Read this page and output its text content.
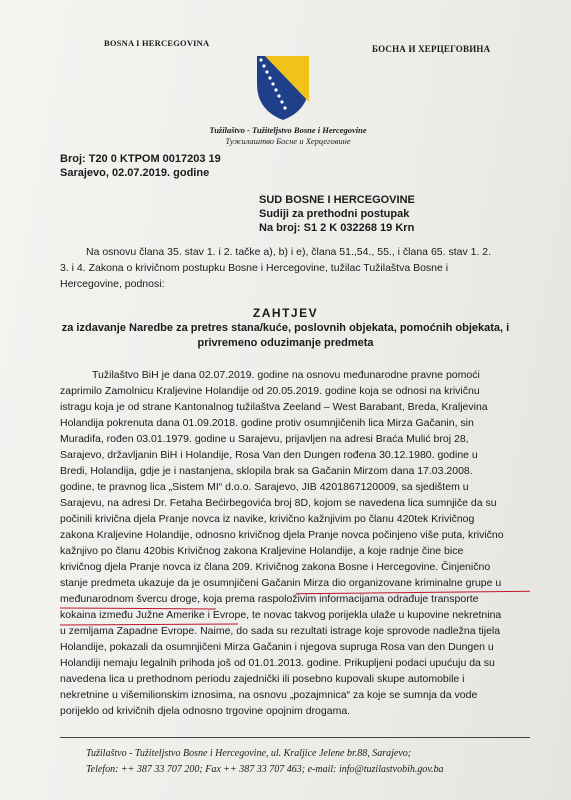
BOSNA I HERCEGOVINA
БОСНА И ХЕРЦЕГОВИНА
Tužilaštvo - Tužiteljstvo Bosne i Hercegovine
Тужилаштво Босне и Херцеговине
Broj: T20 0 KTPOM 0017203 19
Sarajevo, 02.07.2019. godine
SUD BOSNE I HERCEGOVINE
Sudiji za prethodni postupak
Na broj: S1 2 K 032268 19 Krn
Na osnovu člana 35. stav 1. i 2. tačke a), b) i e), člana 51.,54., 55., i člana 65. stav 1. 2.
3. i 4. Zakona o krivičnom postupku Bosne i Hercegovine, tužilac Tužilaštva Bosne i
Hercegovine, podnosi:
ZAHTJEV
za izdavanje Naredbe za pretres stana/kuće, poslovnih objekata, pomoćnih objekata, i
privremeno oduzimanje predmeta
Tužilaštvo BiH je dana 02.07.2019. godine na osnovu međunarodne pravne pomoći
zaprimilo Zamolnicu Kraljevine Holandije od 20.05.2019. godine koja se odnosi na krivičnu
istragu koja je od strane Kantonalnog tužilaštva Zeeland – West Barabant, Breda, Kraljevina
Holandija pokrenuta dana 01.09.2018. godine protiv osumnjičenih lica Mirza Gačanin, sin
Muradifa, rođen 03.01.1979. godine u Sarajevu, prijavljen na adresi Braća Mulić broj 28,
Sarajevo, državljanin BiH i Holandije, Rosa Van den Dungen rođena 30.12.1980. godine u
Bredi, Holandija, gdje je i nastanjena, sklopila brak sa Gačanin Mirzom dana 17.03.2008.
godine, te pravnog lica „Sistem MI“ d.o.o. Sarajevo, JIB 4201867120009, sa sjedištem u
Sarajevu, na adresi Dr. Fetaha Bećirbegovića broj 8D, kojom se navedena lica sumnjiče da su
počinili krivična djela Pranje novca iz navike, krivično kažnjivim po članu 420tek Krivičnog
zakona Kraljevine Holandije, odnosno krivičnog djela Pranje novca počinjeno više puta, krivično
kažnjivo po članu 420bis Krivičnog zakona Kraljevine Holandije, a koje radnje čine bice
krivičnog djela Pranje novca iz člana 209. Krivičnog zakona Bosne i Hercegovine. Činjenično
stanje predmeta ukazuje da je osumnjičeni Gačanin Mirza dio organizovane kriminalne grupe u
međunarodnom švercu droge, koja prema raspoloživim informacijama odrađuje transporte
kokaina između Južne Amerike i Evrope, te novac takvog porijekla ulaže u kupovine nekretnina
u zemljama Zapadne Evrope. Naime, do sada su rezultati istrage koje sprovode nadležna tijela
Holandije, pokazali da osumnjičeni Mirza Gačanin i njegova supruga Rosa van den Dungen u
Holandiji nemaju legalnih prihoda još od 01.01.2013. godine. Prikupljeni podaci upućuju da su
navedena lica u prethodnom periodu zajednički ili posebno kupovali skupe automobile i
nekretnine u višemilionskim iznosima, na osnovu „pozajmnica“ za koje se sumnja da vode
porijeklo od krivičnih djela odnosno trgovine opojnim drogama.
Tužilaštvo - Tužiteljstvo Bosne i Hercegovine, ul. Kraljice Jelene br.88, Sarajevo;
Telefon: ++ 387 33 707 200; Fax ++ 387 33 707 463; e-mail: info@tuzilastvobih.gov.ba
